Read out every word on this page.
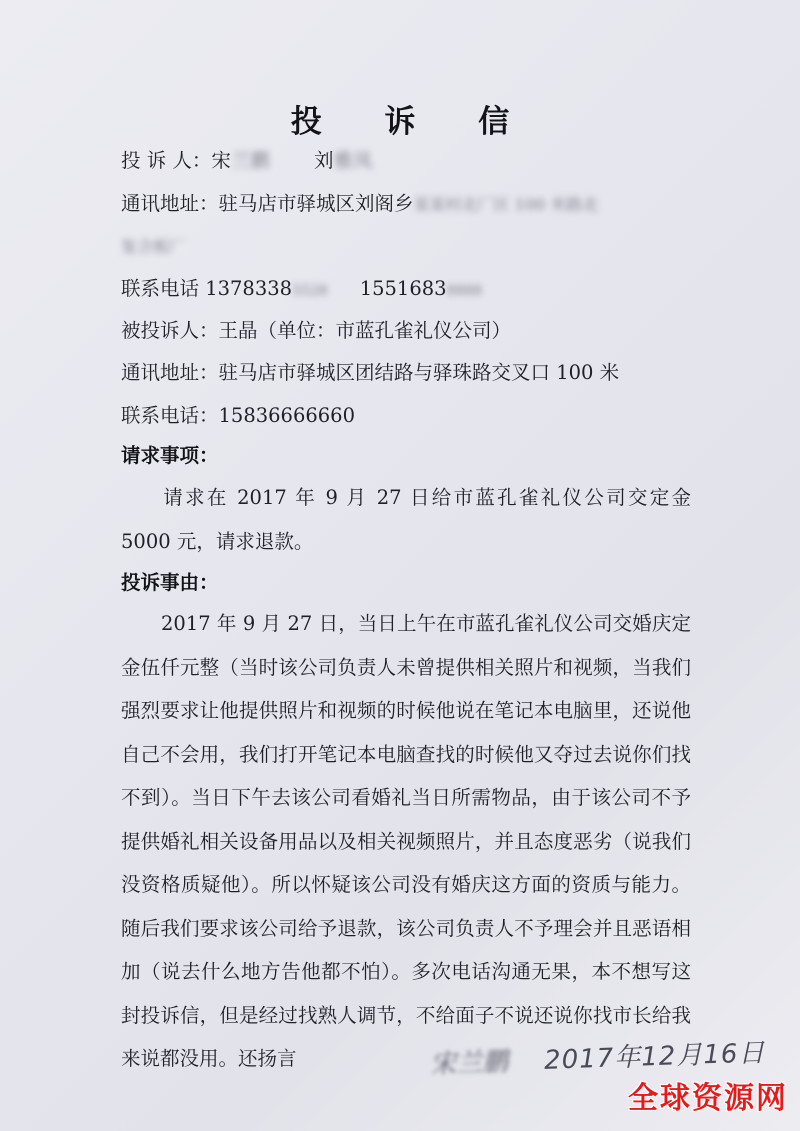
投 诉 信
投 诉 人：宋兰鹏 刘雅凤
通讯地址：驻马店市驿城区刘阁乡某某村北厂区 100 米路北
复合板厂
联系电话 13783385528 15516838888
被投诉人：王晶（单位：市蓝孔雀礼仪公司）
通讯地址：驻马店市驿城区团结路与驿珠路交叉口 100 米
联系电话：15836666660
请求事项：
请求在 2017 年 9 月 27 日给市蓝孔雀礼仪公司交定金 5000 元，请求退款。
投诉事由：
2017 年 9 月 27 日，当日上午在市蓝孔雀礼仪公司交婚庆定金伍仟元整（当时该公司负责人未曾提供相关照片和视频，当我们强烈要求让他提供照片和视频的时候他说在笔记本电脑里，还说他自己不会用，我们打开笔记本电脑查找的时候他又夺过去说你们找不到）。当日下午去该公司看婚礼当日所需物品，由于该公司不予提供婚礼相关设备用品以及相关视频照片，并且态度恶劣（说我们没资格质疑他）。所以怀疑该公司没有婚庆这方面的资质与能力。随后我们要求该公司给予退款，该公司负责人不予理会并且恶语相加（说去什么地方告他都不怕）。多次电话沟通无果，本不想写这封投诉信，但是经过找熟人调节，不给面子不说还说你找市长给我来说都没用。还扬言	宋兰鹏 2017年12月16日
全球资源网
